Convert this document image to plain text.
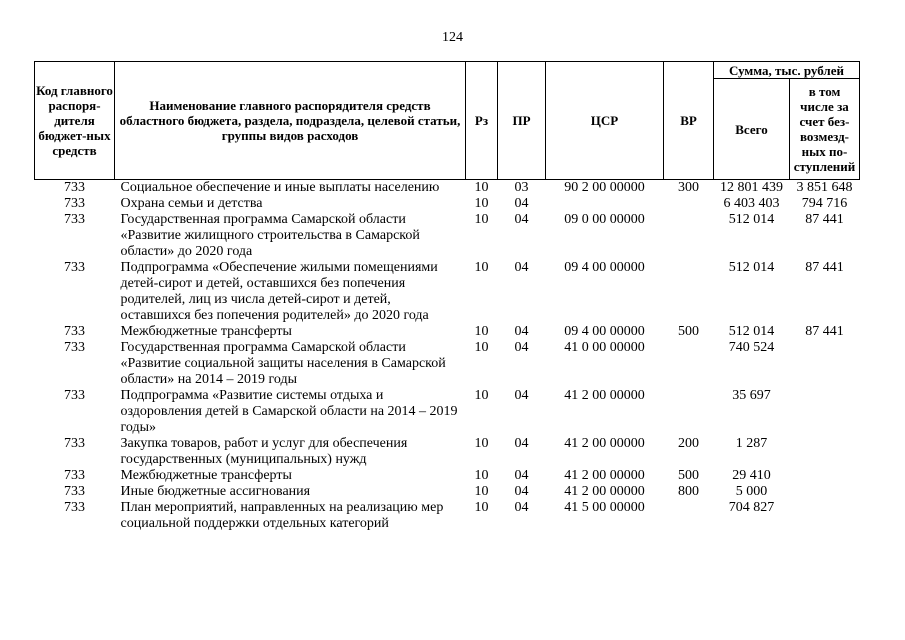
124
Код главного распоря-дителя бюджет-ных средств	Наименование главного распорядителя средств областного бюджета, раздела, подраздела, целевой статьи, группы видов расходов	Рз	ПР	ЦСР	ВР	Сумма, тыс. рублей	
						Всего	в том числе за счет без-возмезд-ных по-ступлений
733	Социальное обеспечение и иные выплаты населению	10	03	90 2 00 00000	300	12 801 439	3 851 648
733	Охрана семьи и детства	10	04			6 403 403	794 716
733	Государственная программа Самарской области «Развитие жилищного строительства в Самарской области» до 2020 года	10	04	09 0 00 00000		512 014	87 441
733	Подпрограмма «Обеспечение жилыми помещениями детей-сирот и детей, оставшихся без попечения родителей, лиц из числа детей-сирот и детей, оставшихся без попечения родителей» до 2020 года	10	04	09 4 00 00000		512 014	87 441
733	Межбюджетные трансферты	10	04	09 4 00 00000	500	512 014	87 441
733	Государственная программа Самарской области «Развитие социальной защиты населения в Самарской области» на 2014 – 2019 годы	10	04	41 0 00 00000		740 524	
733	Подпрограмма «Развитие системы отдыха и оздоровления детей в Самарской области на 2014 – 2019 годы»	10	04	41 2 00 00000		35 697	
733	Закупка товаров, работ и услуг для обеспечения государственных (муниципальных) нужд	10	04	41 2 00 00000	200	1 287	
733	Межбюджетные трансферты	10	04	41 2 00 00000	500	29 410	
733	Иные бюджетные ассигнования	10	04	41 2 00 00000	800	5 000	
733	План мероприятий, направленных на реализацию мер социальной поддержки отдельных категорий	10	04	41 5 00 00000		704 827	
